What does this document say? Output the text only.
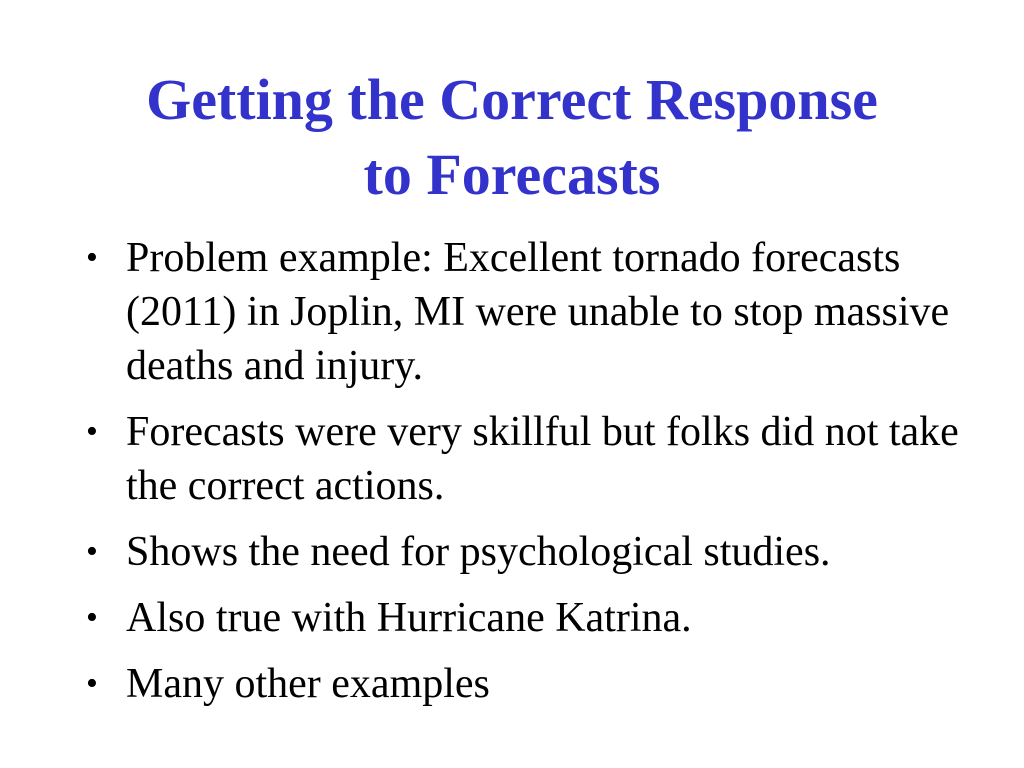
Getting the Correct Response
to Forecasts
• Problem example: Excellent tornado forecasts (2011) in Joplin, MI were unable to stop massive deaths and injury.
• Forecasts were very skillful but folks did not take the correct actions.
• Shows the need for psychological studies.
• Also true with Hurricane Katrina.
• Many other examples
